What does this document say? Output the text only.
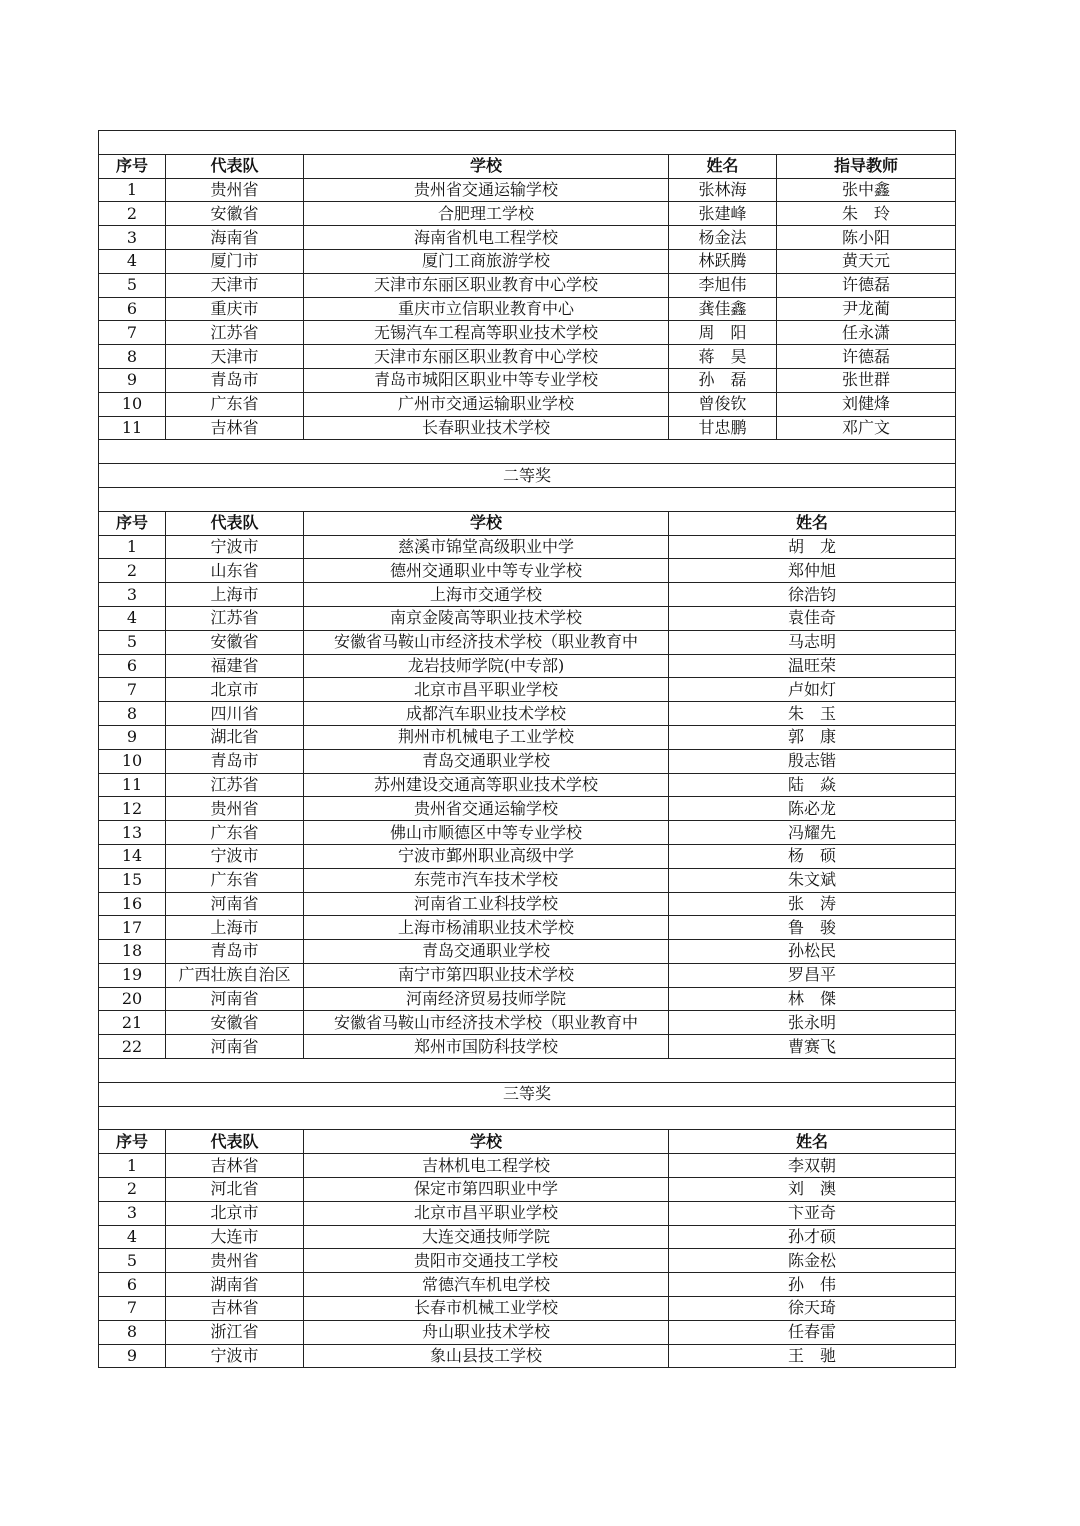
序号	代表队	学校	姓名	指导教师
1	贵州省	贵州省交通运输学校	张林海	张中鑫
2	安徽省	合肥理工学校	张建峰	朱　玲
3	海南省	海南省机电工程学校	杨金法	陈小阳
4	厦门市	厦门工商旅游学校	林跃腾	黄天元
5	天津市	天津市东丽区职业教育中心学校	李旭伟	许德磊
6	重庆市	重庆市立信职业教育中心	龚佳鑫	尹龙蔺
7	江苏省	无锡汽车工程高等职业技术学校	周　阳	任永潇
8	天津市	天津市东丽区职业教育中心学校	蒋　昊	许德磊
9	青岛市	青岛市城阳区职业中等专业学校	孙　磊	张世群
10	广东省	广州市交通运输职业学校	曾俊钦	刘健烽
11	吉林省	长春职业技术学校	甘忠鹏	邓广文

二等奖				

序号	代表队	学校	姓名	
1	宁波市	慈溪市锦堂高级职业中学	胡　龙	
2	山东省	德州交通职业中等专业学校	郑仲旭	
3	上海市	上海市交通学校	徐浩钧	
4	江苏省	南京金陵高等职业技术学校	袁佳奇	
5	安徽省	安徽省马鞍山市经济技术学校（职业教育中	马志明	
6	福建省	龙岩技师学院(中专部)	温旺荣	
7	北京市	北京市昌平职业学校	卢如灯	
8	四川省	成都汽车职业技术学校	朱　玉	
9	湖北省	荆州市机械电子工业学校	郭　康	
10	青岛市	青岛交通职业学校	殷志锴	
11	江苏省	苏州建设交通高等职业技术学校	陆　焱	
12	贵州省	贵州省交通运输学校	陈必龙	
13	广东省	佛山市顺德区中等专业学校	冯耀先	
14	宁波市	宁波市鄞州职业高级中学	杨　硕	
15	广东省	东莞市汽车技术学校	朱文斌	
16	河南省	河南省工业科技学校	张　涛	
17	上海市	上海市杨浦职业技术学校	鲁　骏	
18	青岛市	青岛交通职业学校	孙松民	
19	广西壮族自治区	南宁市第四职业技术学校	罗昌平	
20	河南省	河南经济贸易技师学院	林　傑	
21	安徽省	安徽省马鞍山市经济技术学校（职业教育中	张永明	
22	河南省	郑州市国防科技学校	曹赛飞	

三等奖				

序号	代表队	学校	姓名	
1	吉林省	吉林机电工程学校	李双朝	
2	河北省	保定市第四职业中学	刘　澳	
3	北京市	北京市昌平职业学校	卞亚奇	
4	大连市	大连交通技师学院	孙才硕	
5	贵州省	贵阳市交通技工学校	陈金松	
6	湖南省	常德汽车机电学校	孙　伟	
7	吉林省	长春市机械工业学校	徐天琦	
8	浙江省	舟山职业技术学校	任春雷	
9	宁波市	象山县技工学校	王　驰	
